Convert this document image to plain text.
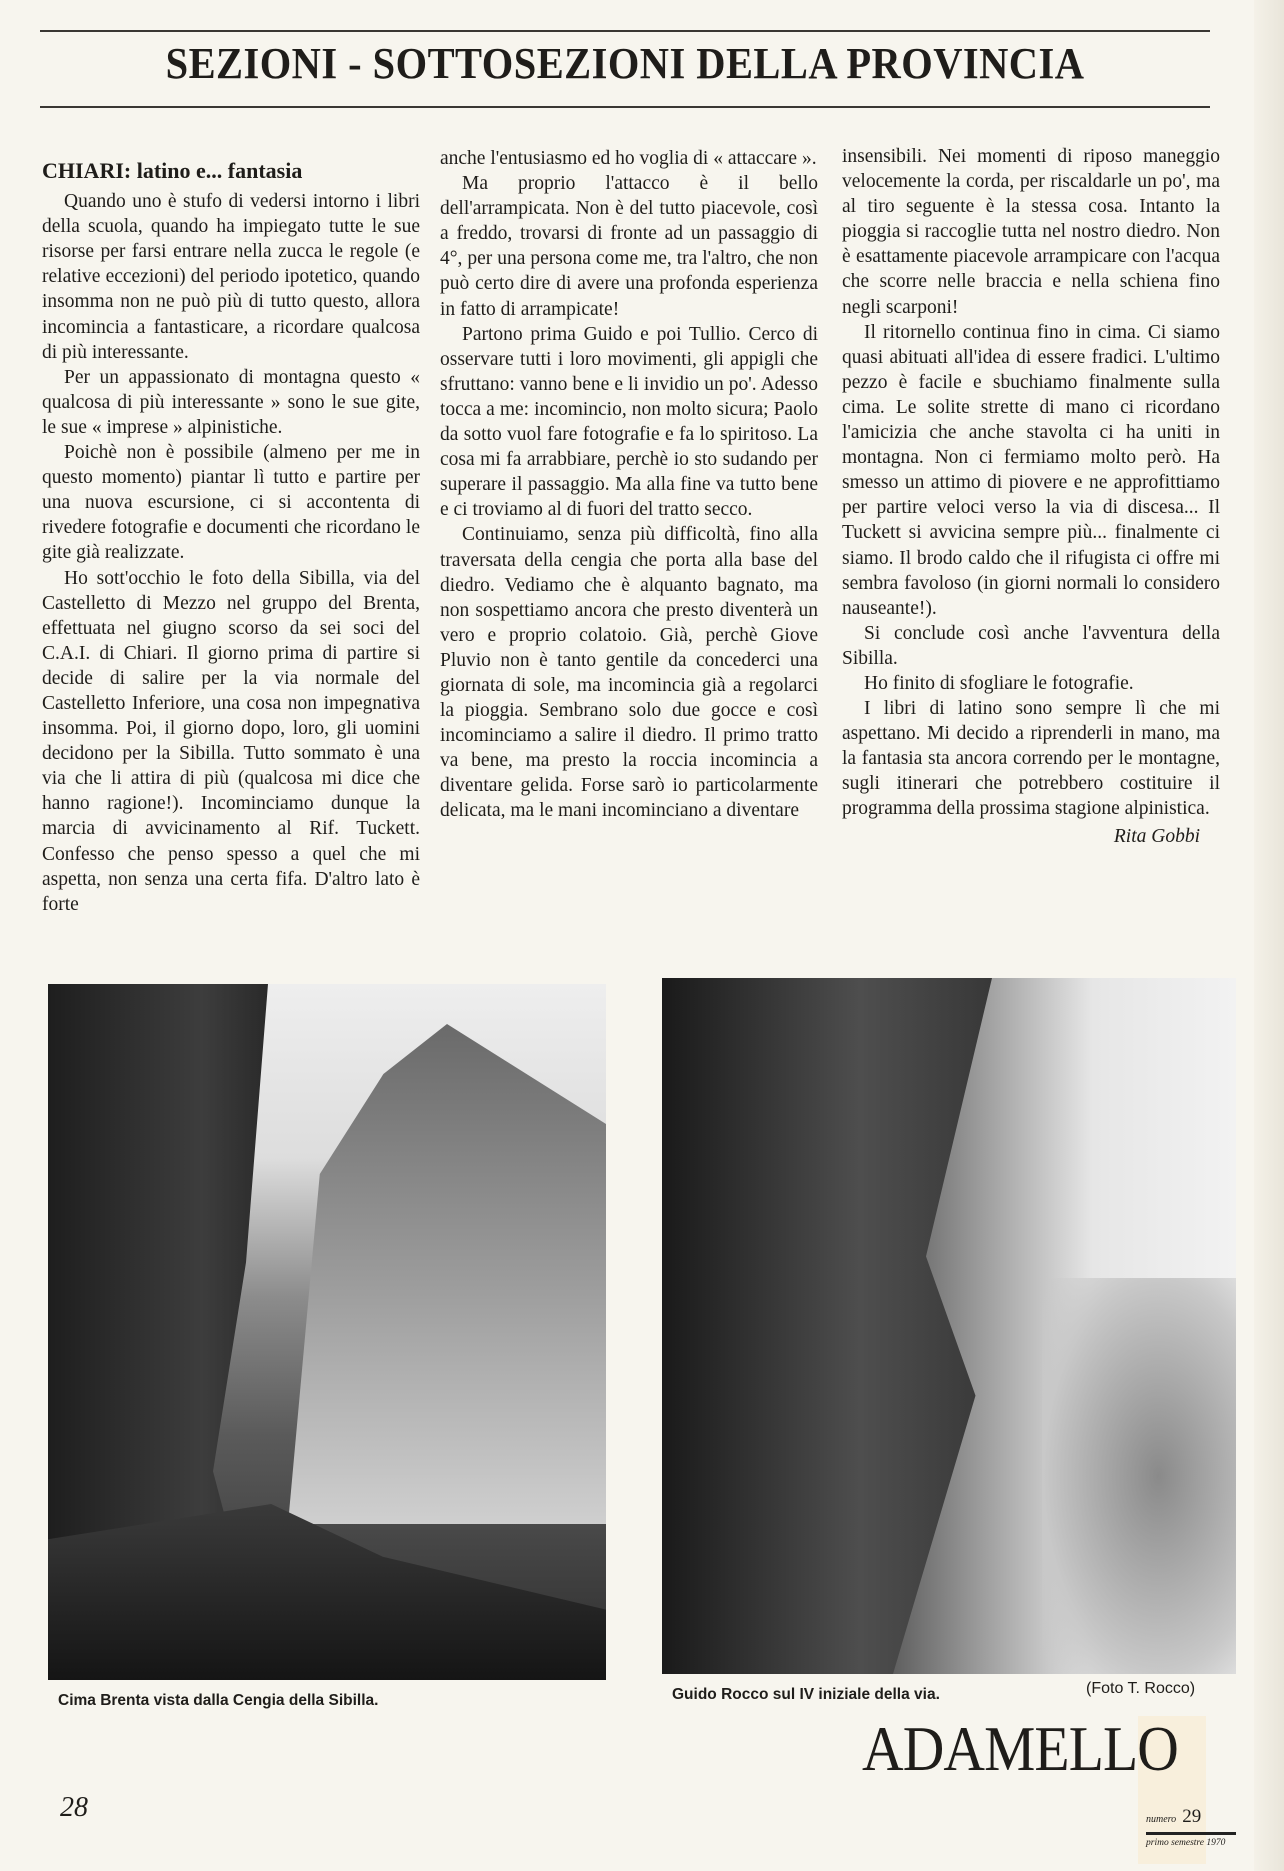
SEZIONI - SOTTOSEZIONI DELLA PROVINCIA
CHIARI: latino e... fantasia

Quando uno è stufo di vedersi intorno i libri della scuola, quando ha impiegato tutte le sue risorse per farsi entrare nella zucca le regole (e relative eccezioni) del periodo ipotetico, quando insomma non ne può più di tutto questo, allora incomincia a fantasticare, a ricordare qualcosa di più interessante.

Per un appassionato di montagna questo « qualcosa di più interessante » sono le sue gite, le sue « imprese » alpinistiche.

Poichè non è possibile (almeno per me in questo momento) piantar lì tutto e partire per una nuova escursione, ci si accontenta di rivedere fotografie e documenti che ricordano le gite già realizzate.

Ho sott'occhio le foto della Sibilla, via del Castelletto di Mezzo nel gruppo del Brenta, effettuata nel giugno scorso da sei soci del C.A.I. di Chiari. Il giorno prima di partire si decide di salire per la via normale del Castelletto Inferiore, una cosa non impegnativa insomma. Poi, il giorno dopo, loro, gli uomini decidono per la Sibilla. Tutto sommato è una via che li attira di più (qualcosa mi dice che hanno ragione!). Incominciamo dunque la marcia di avvicinamento al Rif. Tuckett. Confesso che penso spesso a quel che mi aspetta, non senza una certa fifa. D'altro lato è forte

anche l'entusiasmo ed ho voglia di « attaccare ».

Ma proprio l'attacco è il bello dell'arrampicata. Non è del tutto piacevole, così a freddo, trovarsi di fronte ad un passaggio di 4°, per una persona come me, tra l'altro, che non può certo dire di avere una profonda esperienza in fatto di arrampicate!

Partono prima Guido e poi Tullio. Cerco di osservare tutti i loro movimenti, gli appigli che sfruttano: vanno bene e li invidio un po'. Adesso tocca a me: incomincio, non molto sicura; Paolo da sotto vuol fare fotografie e fa lo spiritoso. La cosa mi fa arrabbiare, perchè io sto sudando per superare il passaggio. Ma alla fine va tutto bene e ci troviamo al di fuori del tratto secco.

Continuiamo, senza più difficoltà, fino alla traversata della cengia che porta alla base del diedro. Vediamo che è alquanto bagnato, ma non sospettiamo ancora che presto diventerà un vero e proprio colatoio. Già, perchè Giove Pluvio non è tanto gentile da concederci una giornata di sole, ma incomincia già a regolarci la pioggia. Sembrano solo due gocce e così incominciamo a salire il diedro. Il primo tratto va bene, ma presto la roccia incomincia a diventare gelida. Forse sarò io particolarmente delicata, ma le mani incominciano a diventare

insensibili. Nei momenti di riposo maneggio velocemente la corda, per riscaldarle un po', ma al tiro seguente è la stessa cosa. Intanto la pioggia si raccoglie tutta nel nostro diedro. Non è esattamente piacevole arrampicare con l'acqua che scorre nelle braccia e nella schiena fino negli scarponi!

Il ritornello continua fino in cima. Ci siamo quasi abituati all'idea di essere fradici. L'ultimo pezzo è facile e sbuchiamo finalmente sulla cima. Le solite strette di mano ci ricordano l'amicizia che anche stavolta ci ha uniti in montagna. Non ci fermiamo molto però. Ha smesso un attimo di piovere e ne approfittiamo per partire veloci verso la via di discesa... Il Tuckett si avvicina sempre più... finalmente ci siamo. Il brodo caldo che il rifugista ci offre mi sembra favoloso (in giorni normali lo considero nauseante!).

Si conclude così anche l'avventura della Sibilla.

Ho finito di sfogliare le fotografie.

I libri di latino sono sempre lì che mi aspettano. Mi decido a riprenderli in mano, ma la fantasia sta ancora correndo per le montagne, sugli itinerari che potrebbero costituire il programma della prossima stagione alpinistica.

Rita Gobbi
Cima Brenta vista dalla Cengia della Sibilla.	Guido Rocco sul IV iniziale della via.	(Foto T. Rocco)
ADAMELLO
numero 29
primo semestre 1970
28
